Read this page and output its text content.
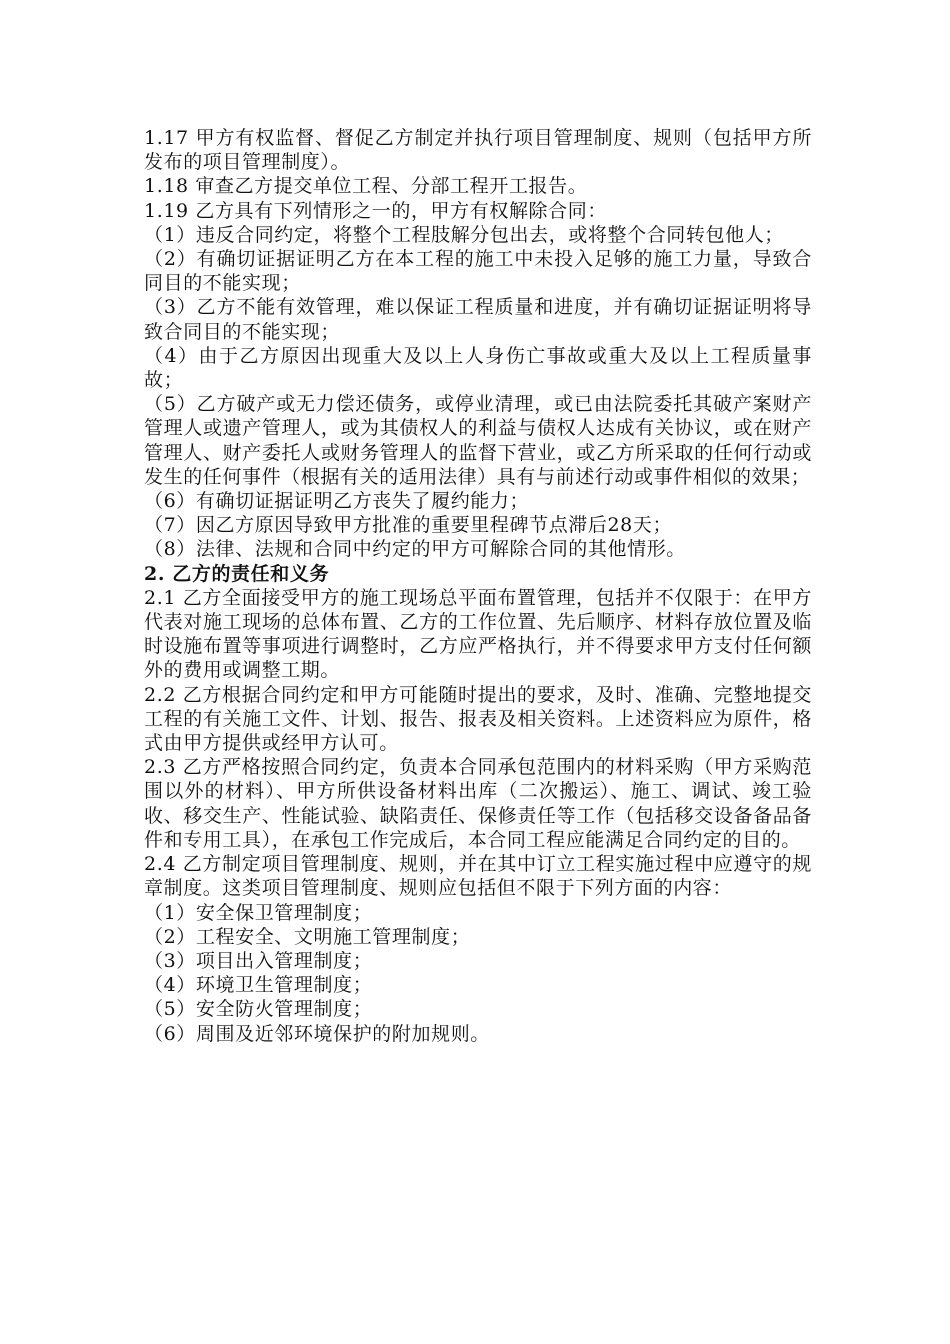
1.17 甲方有权监督、督促乙方制定并执行项目管理制度、规则（包括甲方所发布的项目管理制度）。

1.18 审查乙方提交单位工程、分部工程开工报告。

1.19 乙方具有下列情形之一的，甲方有权解除合同：

（1）违反合同约定，将整个工程肢解分包出去，或将整个合同转包他人；

（2）有确切证据证明乙方在本工程的施工中未投入足够的施工力量，导致合同目的不能实现；

（3）乙方不能有效管理，难以保证工程质量和进度，并有确切证据证明将导致合同目的不能实现；

（4）由于乙方原因出现重大及以上人身伤亡事故或重大及以上工程质量事故；

（5）乙方破产或无力偿还债务，或停业清理，或已由法院委托其破产案财产管理人或遗产管理人，或为其债权人的利益与债权人达成有关协议，或在财产管理人、财产委托人或财务管理人的监督下营业，或乙方所采取的任何行动或发生的任何事件（根据有关的适用法律）具有与前述行动或事件相似的效果；

（6）有确切证据证明乙方丧失了履约能力；

（7）因乙方原因导致甲方批准的重要里程碑节点滞后28天；

（8）法律、法规和合同中约定的甲方可解除合同的其他情形。

2. 乙方的责任和义务

2.1 乙方全面接受甲方的施工现场总平面布置管理，包括并不仅限于：在甲方代表对施工现场的总体布置、乙方的工作位置、先后顺序、材料存放位置及临时设施布置等事项进行调整时，乙方应严格执行，并不得要求甲方支付任何额外的费用或调整工期。

2.2 乙方根据合同约定和甲方可能随时提出的要求，及时、准确、完整地提交工程的有关施工文件、计划、报告、报表及相关资料。上述资料应为原件，格式由甲方提供或经甲方认可。

2.3 乙方严格按照合同约定，负责本合同承包范围内的材料采购（甲方采购范围以外的材料）、甲方所供设备材料出库（二次搬运）、施工、调试、竣工验收、移交生产、性能试验、缺陷责任、保修责任等工作（包括移交设备备品备件和专用工具），在承包工作完成后，本合同工程应能满足合同约定的目的。

2.4 乙方制定项目管理制度、规则，并在其中订立工程实施过程中应遵守的规章制度。这类项目管理制度、规则应包括但不限于下列方面的内容：

（1）安全保卫管理制度；

（2）工程安全、文明施工管理制度；

（3）项目出入管理制度；

（4）环境卫生管理制度；

（5）安全防火管理制度；

（6）周围及近邻环境保护的附加规则。
